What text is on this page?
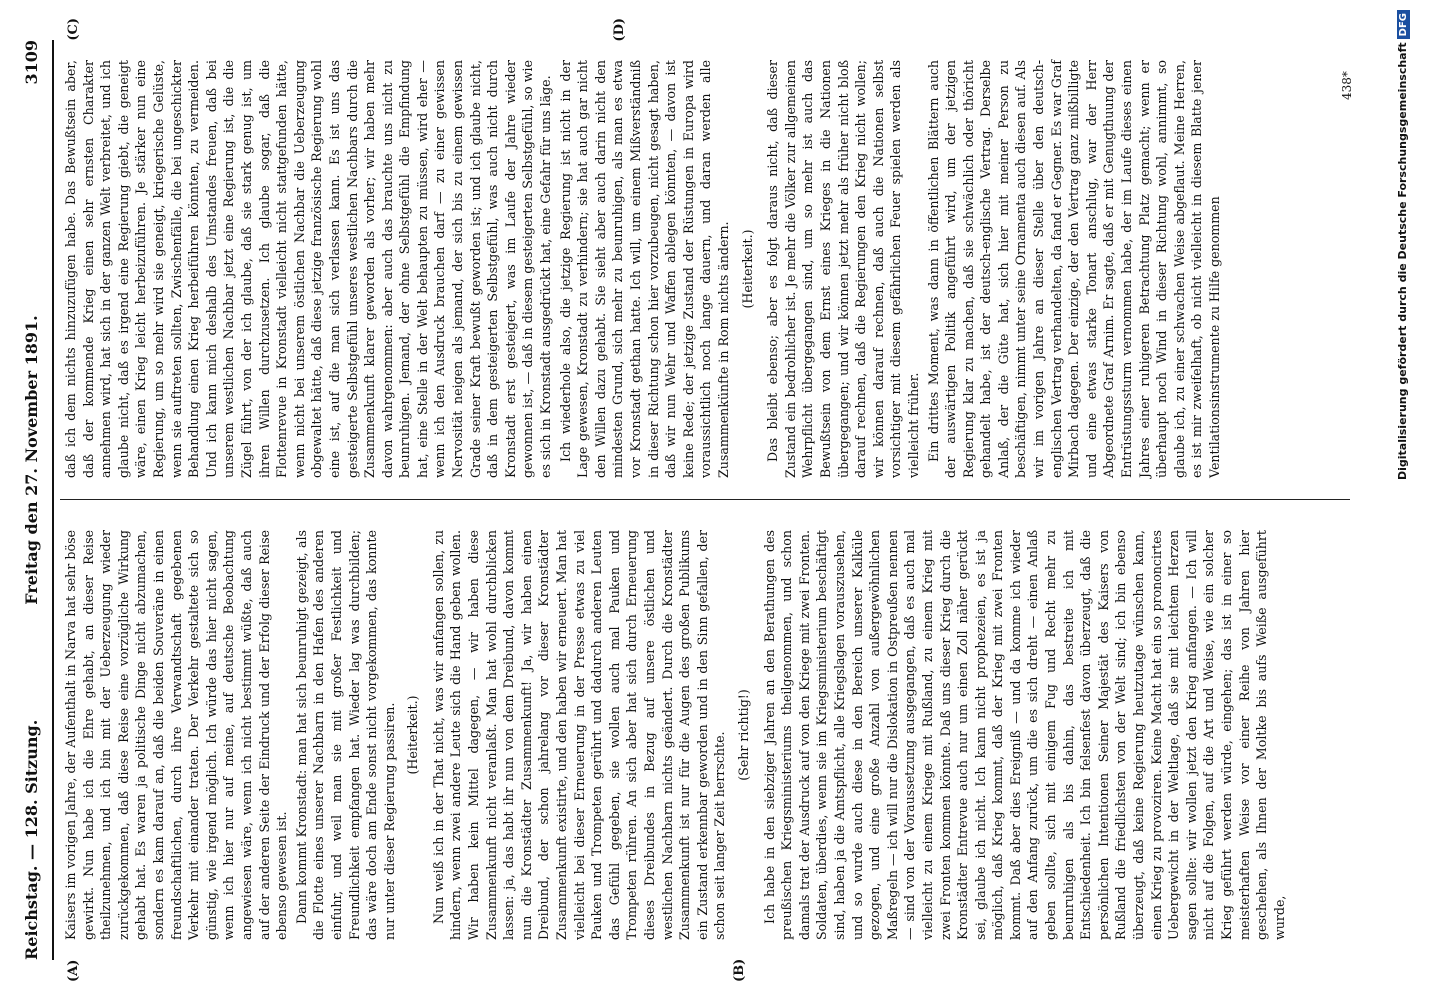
Reichstag. — 128. Sitzung.
Freitag den 27. November 1891.
3109
(A)	(B)
(C)	(D)

Kaisers im vorigen Jahre, der Aufenthalt in Narva hat sehr böse gewirkt. Nun habe ich die Ehre gehabt, an dieser Reise theilzunehmen, und ich bin mit der Ueberzeugung wieder zurückgekommen, daß diese Reise eine vorzügliche Wirkung gehabt hat. Es waren ja politische Dinge nicht abzumachen, sondern es kam darauf an, daß die beiden Souveräne in einen freundschaftlichen, durch ihre Verwandtschaft gegebenen Verkehr mit einander traten. Der Verkehr gestaltete sich so günstig, wie irgend möglich. Ich würde das hier nicht sagen, wenn ich hier nur auf meine, auf deutsche Beobachtung angewiesen wäre, wenn ich nicht bestimmt wüßte, daß auch auf der anderen Seite der Eindruck und der Erfolg dieser Reise ebenso gewesen ist. Dann kommt Kronstadt: man hat sich beunruhigt gezeigt, als die Flotte eines unserer Nachbarn in den Hafen des anderen einfuhr, und weil man sie mit großer Festlichkeit und Freundlichkeit empfangen hat. Wieder lag was durchbilden; das wäre doch am Ende sonst nicht vorgekommen, das konnte nur unter dieser Regierung passiren. (Heiterkeit.) Nun weiß ich in der That nicht, was wir anfangen sollen, zu hindern, wenn zwei andere Leute sich die Hand geben wollen. Wir haben kein Mittel dagegen, — wir haben diese Zusammenkunft nicht veranlaßt. Man hat wohl durchblicken lassen: ja, das habt ihr nun von dem Dreibund, davon kommt nun die Kronstädter Zusammenkunft! Ja, wir haben einen Dreibund, der schon jahrelang vor dieser Kronstädter Zusammenkunft existirte, und den haben wir erneuert. Man hat vielleicht bei dieser Erneuerung in der Presse etwas zu viel Pauken und Trompeten gerührt und dadurch anderen Leuten das Gefühl gegeben, sie wollen auch mal Pauken und Trompeten rühren. An sich aber hat sich durch Erneuerung dieses Dreibundes in Bezug auf unsere östlichen und westlichen Nachbarn nichts geändert. Durch die Kronstädter Zusammenkunft ist nur für die Augen des großen Publikums ein Zustand erkennbar geworden und in den Sinn gefallen, der schon seit langer Zeit herrschte. (Sehr richtig!) Ich habe in den siebziger Jahren an den Berathungen des preußischen Kriegsministeriums theilgenommen, und schon damals trat der Ausdruck auf von den Kriege mit zwei Fronten. Soldaten, überdies, wenn sie im Kriegsministerium beschäftigt sind, haben ja die Amtspflicht, alle Kriegslagen vorauszusehen, und so wurde auch diese in den Bereich unserer Kalküle gezogen, und eine große Anzahl von außergewöhnlichen Maßregeln — ich will nur die Dislokation in Ostpreußen nennen — sind von der Voraussetzung ausgegangen, daß es auch mal vielleicht zu einem Kriege mit Rußland, zu einem Krieg mit zwei Fronten kommen könnte. Daß uns dieser Krieg durch die Kronstädter Entrevue auch nur um einen Zoll näher gerückt sei, glaube ich nicht. Ich kann nicht prophezeien, es ist ja möglich, daß Krieg kommt, daß der Krieg mit zwei Fronten kommt. Daß aber dies Ereigniß — und da komme ich wieder auf den Anfang zurück, um die es sich dreht — einen Anlaß geben sollte, sich mit einigem Fug und Recht mehr zu beunruhigen als bis dahin, das bestreite ich mit Entschiedenheit. Ich bin felsenfest davon überzeugt, daß die persönlichen Intentionen Seiner Majestät des Kaisers von Rußland die friedlichsten von der Welt sind; ich bin ebenso überzeugt, daß keine Regierung heutzutage wünschen kann, einen Krieg zu provoziren. Keine Macht hat ein so prononcirtes Uebergewicht in der Weltlage, daß sie mit leichtem Herzen sagen sollte: wir wollen jetzt den Krieg anfangen. — Ich will nicht auf die Folgen, auf die Art und Weise, wie ein solcher Krieg geführt werden würde, eingehen; das ist in einer so meisterhaften Weise vor einer Reihe von Jahren hier geschehen, als Ihnen der Moltke bis aufs Weiße ausgeführt wurde,

daß ich dem nichts hinzuzufügen habe. Das Bewußtsein aber, daß der kommende Krieg einen sehr ernsten Charakter annehmen wird, hat sich in der ganzen Welt verbreitet, und ich glaube nicht, daß es irgend eine Regierung giebt, die geneigt wäre, einen Krieg leicht herbeizuführen. Je stärker nun eine Regierung, um so mehr wird sie geneigt, kriegerische Gelüste, wenn sie auftreten sollten, Zwischenfälle, die bei ungeschickter Behandlung einen Krieg herbeiführen könnten, zu vermeiden. Und ich kann mich deshalb des Umstandes freuen, daß bei unserem westlichen Nachbar jetzt eine Regierung ist, die die Zügel führt, von der ich glaube, daß sie stark genug ist, um ihren Willen durchzusetzen. Ich glaube sogar, daß die Flottenrevue in Kronstadt vielleicht nicht stattgefunden hätte, wenn nicht bei unserem östlichen Nachbar die Ueberzeugung obgewaltet hätte, daß diese jetzige französische Regierung wohl eine ist, auf die man sich verlassen kann. Es ist uns das gesteigerte Selbstgefühl unseres westlichen Nachbars durch die Zusammenkunft klarer geworden als vorher; wir haben mehr davon wahrgenommen: aber auch das brauchte uns nicht zu beunruhigen. Jemand, der ohne Selbstgefühl die Empfindung hat, eine Stelle in der Welt behaupten zu müssen, wird eher — wenn ich den Ausdruck brauchen darf — zu einer gewissen Nervosität neigen als jemand, der sich bis zu einem gewissen Grade seiner Kraft bewußt geworden ist; und ich glaube nicht, daß in dem gesteigerten Selbstgefühl, was auch nicht durch Kronstadt erst gesteigert, was im Laufe der Jahre wieder gewonnen ist, — daß in diesem gesteigerten Selbstgefühl, so wie es sich in Kronstadt ausgedrückt hat, eine Gefahr für uns läge. Ich wiederhole also, die jetzige Regierung ist nicht in der Lage gewesen, Kronstadt zu verhindern; sie hat auch gar nicht den Willen dazu gehabt. Sie sieht aber auch darin nicht den mindesten Grund, sich mehr zu beunruhigen, als man es etwa vor Kronstadt gethan hatte. Ich will, um einem Mißverständniß in dieser Richtung schon hier vorzubeugen, nicht gesagt haben, daß wir nun Wehr und Waffen ablegen könnten, — davon ist keine Rede; der jetzige Zustand der Rüstungen in Europa wird voraussichtlich noch lange dauern, und daran werden alle Zusammenkünfte in Rom nichts ändern. (Heiterkeit.) Das bleibt ebenso; aber es folgt daraus nicht, daß dieser Zustand ein bedrohlicher ist. Je mehr die Völker zur allgemeinen Wehrpflicht übergegangen sind, um so mehr ist auch das Bewußtsein von dem Ernst eines Krieges in die Nationen übergegangen; und wir können jetzt mehr als früher nicht bloß darauf rechnen, daß die Regierungen den Krieg nicht wollen; wir können darauf rechnen, daß auch die Nationen selbst vorsichtiger mit diesem gefährlichen Feuer spielen werden als vielleicht früher. Ein drittes Moment, was dann in öffentlichen Blättern auch der auswärtigen Politik angeführt wird, um der jetzigen Regierung klar zu machen, daß sie schwächlich oder thöricht gehandelt habe, ist der deutsch-englische Vertrag. Derselbe Anlaß, der die Güte hat, sich hier mit meiner Person zu beschäftigen, nimmt unter seine Ornamenta auch diesen auf. Als wir im vorigen Jahre an dieser Stelle über den deutsch-englischen Vertrag verhandelten, da fand er Gegner. Es war Graf Mirbach dagegen. Der einzige, der den Vertrag ganz mißbilligte und eine etwas starke Tonart anschlug, war der Herr Abgeordnete Graf Arnim. Er sagte, daß er mit Genugthuung der Entrüstungssturm vernommen habe, der im Laufe dieses einen Jahres einer ruhigeren Betrachtung Platz gemacht; wenn er überhaupt noch Wind in dieser Richtung wohl, annimmt, so glaube ich, zu einer schwachen Weise abgeflaut. Meine Herren, es ist mir zweifelhaft, ob nicht vielleicht in diesem Blatte jener Ventilationsinstrumente zu Hilfe genommen

438*	Digitalisierung gefördert durch die Deutsche ForschungsgemeinschaftDFG
